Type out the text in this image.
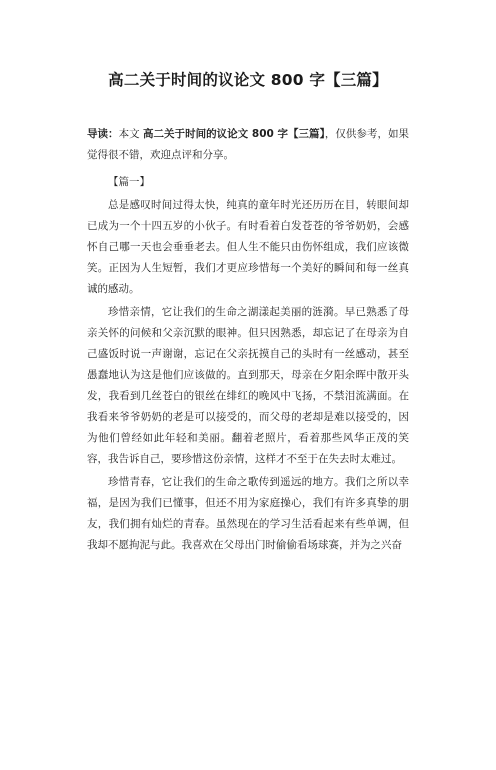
高二关于时间的议论文 800 字【三篇】

导读：本文 高二关于时间的议论文 800 字【三篇】，仅供参考，如果觉得很不错，欢迎点评和分享。

【篇一】

总是感叹时间过得太快，纯真的童年时光还历历在目，转眼间却已成为一个十四五岁的小伙子。有时看着白发苍苍的爷爷奶奶，会感怀自己哪一天也会垂垂老去。但人生不能只由伤怀组成，我们应该微笑。正因为人生短暂，我们才更应珍惜每一个美好的瞬间和每一丝真诚的感动。

珍惜亲情，它让我们的生命之湖漾起美丽的涟漪。早已熟悉了母亲关怀的问候和父亲沉默的眼神。但只因熟悉，却忘记了在母亲为自己盛饭时说一声谢谢，忘记在父亲抚摸自己的头时有一丝感动，甚至愚蠢地认为这是他们应该做的。直到那天，母亲在夕阳余晖中散开头发，我看到几丝苍白的银丝在绯红的晚风中飞扬，不禁泪流满面。在我看来爷爷奶奶的老是可以接受的，而父母的老却是难以接受的，因为他们曾经如此年轻和美丽。翻着老照片，看着那些风华正茂的笑容，我告诉自己，要珍惜这份亲情，这样才不至于在失去时太难过。

珍惜青春，它让我们的生命之歌传到遥远的地方。我们之所以幸福，是因为我们已懂事，但还不用为家庭操心，我们有许多真挚的朋友，我们拥有灿烂的青春。虽然现在的学习生活看起来有些单调，但我却不愿拘泥与此。我喜欢在父母出门时偷偷看场球赛，并为之兴奋
